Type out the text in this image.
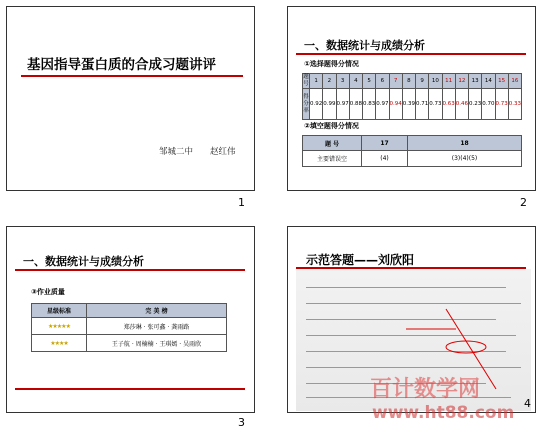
基因指导蛋白质的合成习题讲评
邹城二中　　赵红伟
1
一、数据统计与成绩分析
①选择题得分情况
题号	1	2	3	4	5	6	7	8	9	10	11	12	13	14	15	16
得分率	0.92	0.99	0.97	0.88	0.83	0.97	0.94	0.39	0.71	0.73	0.63	0.46	0.23	0.70	0.73	0.33
②填空题得分情况
题 号	17	18
主要错误空	(4)	(3)(4)(5)
2
一、数据统计与成绩分析
③作业质量
星级标准	完 美 榜
★★★★★	郑莎琳 · 张可鑫 · 龚雨路
★★★★	王子航 · 周楠楠 · 王琪嫣 · 吴雨欣
3
示范答题——刘欣阳
4
百计数学网
www.ht88.com
